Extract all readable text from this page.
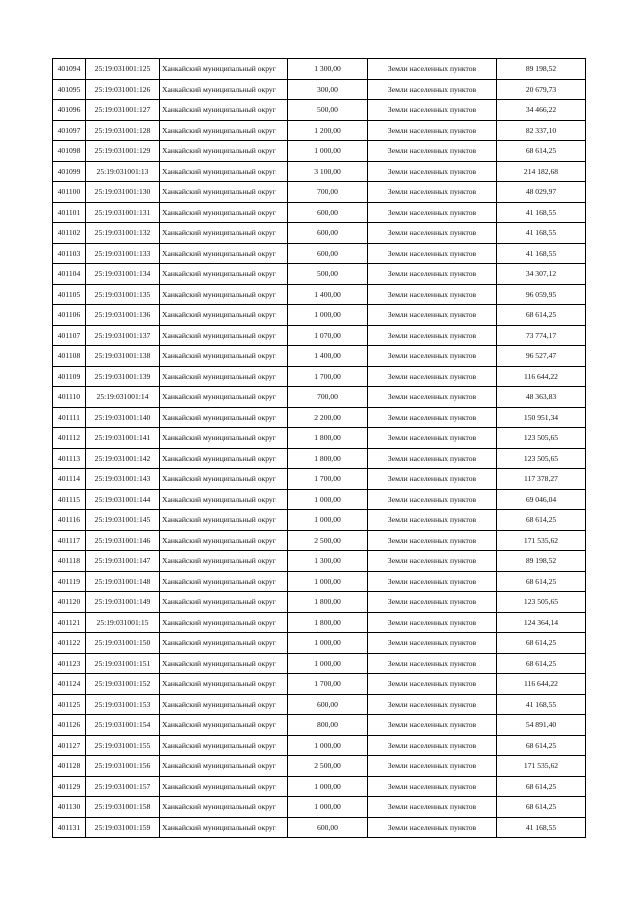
401094	25:19:031001:125	Ханкайский муниципальный округ	1 300,00	Земли населенных пунктов	89 198,52
401095	25:19:031001:126	Ханкайский муниципальный округ	300,00	Земли населенных пунктов	20 679,73
401096	25:19:031001:127	Ханкайский муниципальный округ	500,00	Земли населенных пунктов	34 466,22
401097	25:19:031001:128	Ханкайский муниципальный округ	1 200,00	Земли населенных пунктов	82 337,10
401098	25:19:031001:129	Ханкайский муниципальный округ	1 000,00	Земли населенных пунктов	68 614,25
401099	25:19:031001:13	Ханкайский муниципальный округ	3 100,00	Земли населенных пунктов	214 182,68
401100	25:19:031001:130	Ханкайский муниципальный округ	700,00	Земли населенных пунктов	48 029,97
401101	25:19:031001:131	Ханкайский муниципальный округ	600,00	Земли населенных пунктов	41 168,55
401102	25:19:031001:132	Ханкайский муниципальный округ	600,00	Земли населенных пунктов	41 168,55
401103	25:19:031001:133	Ханкайский муниципальный округ	600,00	Земли населенных пунктов	41 168,55
401104	25:19:031001:134	Ханкайский муниципальный округ	500,00	Земли населенных пунктов	34 307,12
401105	25:19:031001:135	Ханкайский муниципальный округ	1 400,00	Земли населенных пунктов	96 059,95
401106	25:19:031001:136	Ханкайский муниципальный округ	1 000,00	Земли населенных пунктов	68 614,25
401107	25:19:031001:137	Ханкайский муниципальный округ	1 070,00	Земли населенных пунктов	73 774,17
401108	25:19:031001:138	Ханкайский муниципальный округ	1 400,00	Земли населенных пунктов	96 527,47
401109	25:19:031001:139	Ханкайский муниципальный округ	1 700,00	Земли населенных пунктов	116 644,22
401110	25:19:031001:14	Ханкайский муниципальный округ	700,00	Земли населенных пунктов	48 363,83
401111	25:19:031001:140	Ханкайский муниципальный округ	2 200,00	Земли населенных пунктов	150 951,34
401112	25:19:031001:141	Ханкайский муниципальный округ	1 800,00	Земли населенных пунктов	123 505,65
401113	25:19:031001:142	Ханкайский муниципальный округ	1 800,00	Земли населенных пунктов	123 505,65
401114	25:19:031001:143	Ханкайский муниципальный округ	1 700,00	Земли населенных пунктов	117 378,27
401115	25:19:031001:144	Ханкайский муниципальный округ	1 000,00	Земли населенных пунктов	69 046,04
401116	25:19:031001:145	Ханкайский муниципальный округ	1 000,00	Земли населенных пунктов	68 614,25
401117	25:19:031001:146	Ханкайский муниципальный округ	2 500,00	Земли населенных пунктов	171 535,62
401118	25:19:031001:147	Ханкайский муниципальный округ	1 300,00	Земли населенных пунктов	89 198,52
401119	25:19:031001:148	Ханкайский муниципальный округ	1 000,00	Земли населенных пунктов	68 614,25
401120	25:19:031001:149	Ханкайский муниципальный округ	1 800,00	Земли населенных пунктов	123 505,65
401121	25:19:031001:15	Ханкайский муниципальный округ	1 800,00	Земли населенных пунктов	124 364,14
401122	25:19:031001:150	Ханкайский муниципальный округ	1 000,00	Земли населенных пунктов	68 614,25
401123	25:19:031001:151	Ханкайский муниципальный округ	1 000,00	Земли населенных пунктов	68 614,25
401124	25:19:031001:152	Ханкайский муниципальный округ	1 700,00	Земли населенных пунктов	116 644,22
401125	25:19:031001:153	Ханкайский муниципальный округ	600,00	Земли населенных пунктов	41 168,55
401126	25:19:031001:154	Ханкайский муниципальный округ	800,00	Земли населенных пунктов	54 891,40
401127	25:19:031001:155	Ханкайский муниципальный округ	1 000,00	Земли населенных пунктов	68 614,25
401128	25:19:031001:156	Ханкайский муниципальный округ	2 500,00	Земли населенных пунктов	171 535,62
401129	25:19:031001:157	Ханкайский муниципальный округ	1 000,00	Земли населенных пунктов	68 614,25
401130	25:19:031001:158	Ханкайский муниципальный округ	1 000,00	Земли населенных пунктов	68 614,25
401131	25:19:031001:159	Ханкайский муниципальный округ	600,00	Земли населенных пунктов	41 168,55
